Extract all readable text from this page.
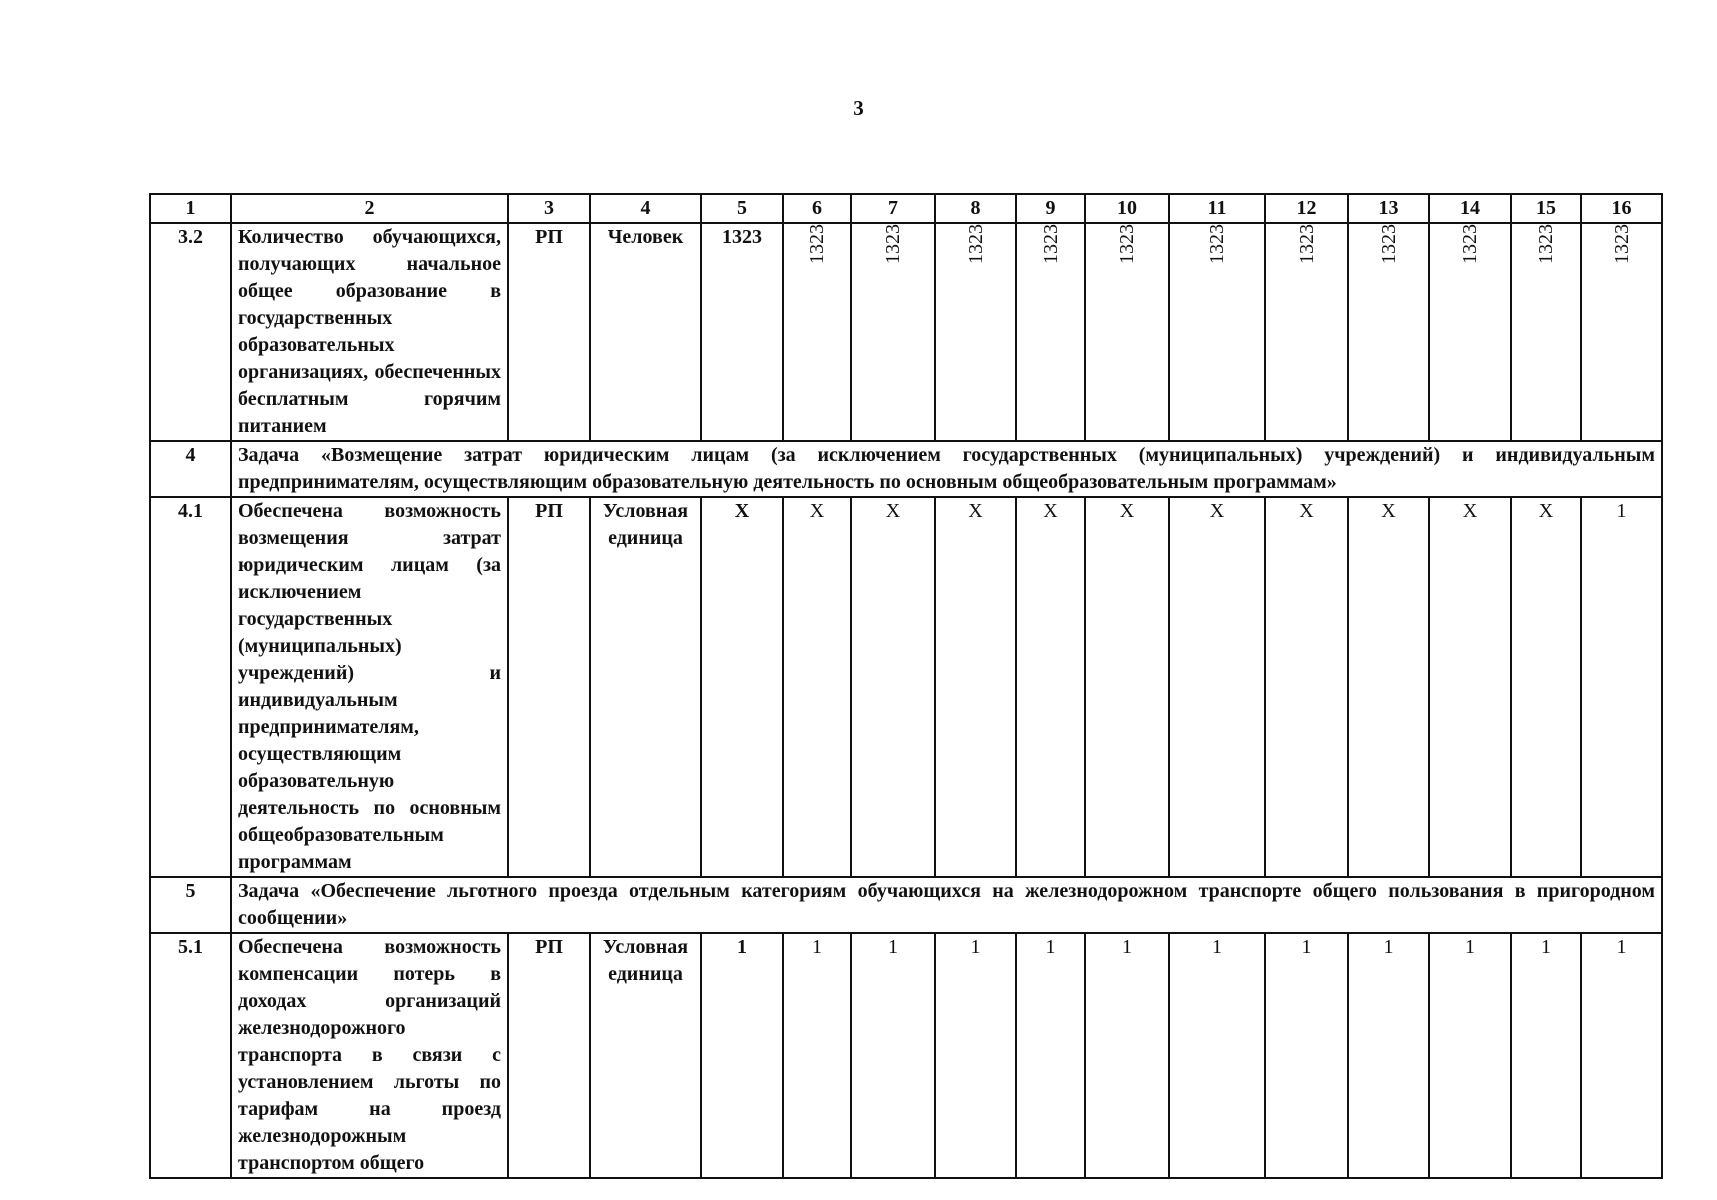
3
1	2	3	4	5	6	7	8	9	10	11	12	13	14	15	16
3.2	Количество обучающихся, получающих начальное общее образование в государственных образовательных организациях, обеспеченных бесплатным горячим питанием	РП	Человек	1323	1323	1323	1323	1323	1323	1323	1323	1323	1323	1323	1323
4	Задача «Возмещение затрат юридическим лицам (за исключением государственных (муниципальных) учреждений) и индивидуальным предпринимателям, осуществляющим образовательную деятельность по основным общеобразовательным программам»														
4.1	Обеспечена возможность возмещения затрат юридическим лицам (за исключением государственных (муниципальных) учреждений) и индивидуальным предпринимателям, осуществляющим образовательную деятельность по основным общеобразовательным программам	РП	Условная единица	Х	Х	Х	Х	Х	Х	Х	Х	Х	Х	Х	1
5	Задача «Обеспечение льготного проезда отдельным категориям обучающихся на железнодорожном транспорте общего пользования в пригородном сообщении»														
5.1	Обеспечена возможность компенсации потерь в доходах организаций железнодорожного транспорта в связи с установлением льготы по тарифам на проезд железнодорожным транспортом общего	РП	Условная единица	1	1	1	1	1	1	1	1	1	1	1	1
